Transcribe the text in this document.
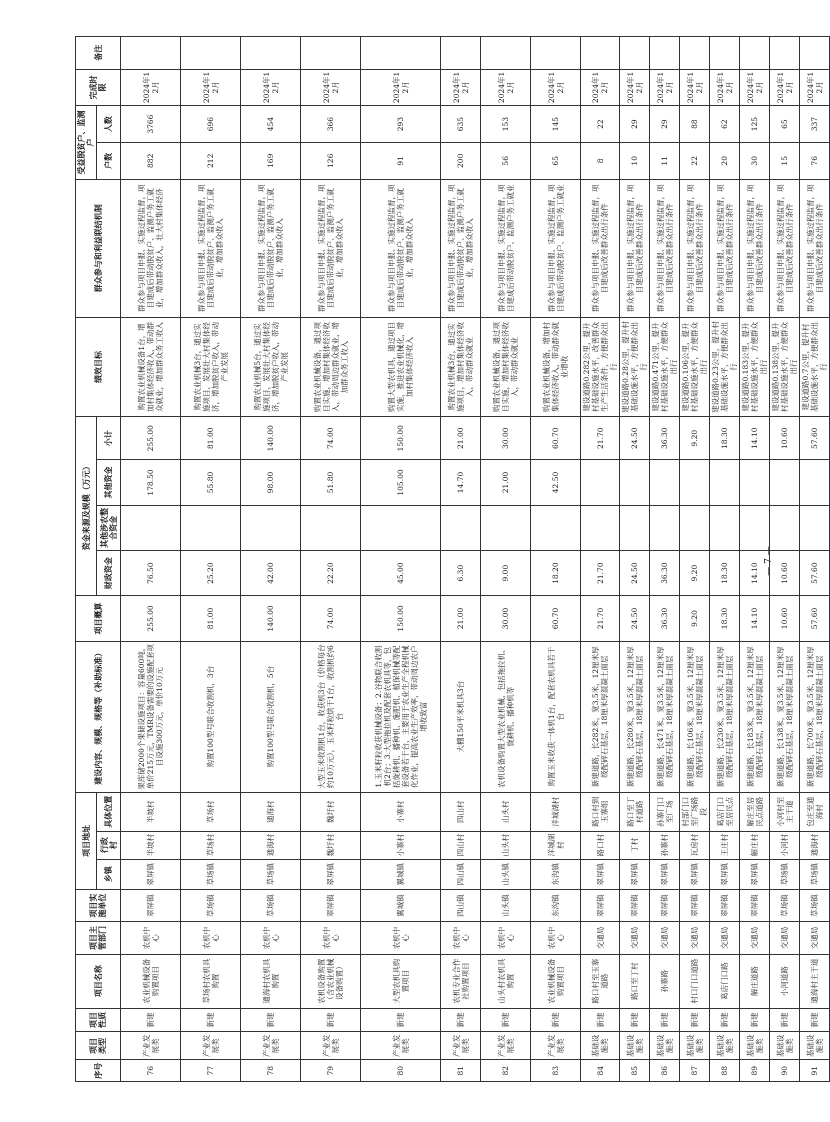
序号	项目类型	项目性质	项目名称	项目主管部门	项目实施单位	项目地址			建设内容、规模、规格等（补助标准）	项目概算	资金来源及规模（万元）				绩效目标	群众参与和利益联结机制	受益脱贫户、监测户		完成时限	备注
						乡镇	行政村	具体位置			财政资金	其他涉农整合资金	其他资金	小计			户数	人数		

76	产业发展类	新建	农业机械设备购置项目	农机中心	翠屏镇	翠屏镇	半坡村	半坡村	果库储2000个果储设施项目：容量600吨，单价215万元，TMR设备需要的设施配套项目设施300万元，单价10万元	255.00	76.50		178.50	255.00	购置农业机械设备1台，增加村集体经济收入，带动群众就业，增加群众务工收入	群众参与项目申报、实施过程监督，项目建成后带动脱贫户、监测户务工就业，增加群众收入，壮大村集体经济	882	3766	2024年12月	
77	产业发展类	新建	草场村农机具购置	农机中心	草场镇	草场镇	草场村	草场村	购置100型号联合收割机，3台	81.00	25.20		55.80	81.00	购置农业机械3台，通过实施项目，发展壮大村集体经济，增加脱贫户收入，带动产业发展	群众参与项目申报、实施过程监督，项目建成后带动脱贫户、监测户务工就业，增加群众收入	212	696	2024年12月	
78	产业发展类	新建	通海村农机具购置	农机中心	草场镇	草场镇	通海村	通海村	购置100型号联合收割机，5台	140.00	42.00		98.00	140.00	购置农业机械5台，通过实施项目，发展壮大村集体经济，增加脱贫户收入，带动产业发展	群众参与项目申报、实施过程监督，项目建成后带动脱贫户、监测户务工就业，增加群众收入	169	454	2024年12月	
79	产业发展类	新建	农机设备购置（含农业机械设备购置）	农机中心	翠屏镇	翠屏镇	魏圩村	魏圩村	大型玉米收割机1台，收获机3台（价格每台约10万元），玉米籽粒烘干1台，收割机约6台	74.00	22.20		51.80	74.00	购置农业机械设备，通过项目实施，增加村集体经济收入，带动周边群众就业，增加群众务工收入	群众参与项目申报、实施过程监督，项目建成后带动脱贫户、监测户务工就业，增加群众收入	126	366	2024年12月	
80	产业发展类	新建	大型农机具购置项目	农机中心	翼城镇	翼城镇	小寨村	小寨村	1.玉米籽粒收获机械设备；2.谷物联合收割机2台；3.大型拖拉机及配套农机具等，包括旋耕机、播种机、施肥机、植保机械等配套设备若干台，主要用于农业生产全程机械化作业，提高农业生产效率，带动周边农户增收致富	150.00	45.00		105.00	150.00	购置大型农机具，通过项目实施，推进农业机械化，增加村集体经济收入	群众参与项目申报、实施过程监督，项目建成后带动脱贫户、监测户务工就业，增加群众收入	91	293	2024年12月	
81	产业发展类	新建	农机专业合作社购置项目	农机中心	四山镇	四山镇	四山村	四山村	大棚150平米机具3台	21.00	6.30		14.70	21.00	购置农业机械3台，通过实施项目，增加村集体经济收入，带动群众就业	群众参与项目申报、实施过程监督，项目建成后带动脱贫户、监测户务工就业，增加群众收入	200	635	2024年12月	
82	产业发展类	新建	山头村农机具购置	农机中心	山头镇	山头镇	山头村	山头村	农机设备购置大型农业机械，包括拖拉机、旋耕机、播种机等	30.00	9.00		21.00	30.00	购置农业机械设备，通过项目实施，增加村集体经济收入，带动群众就业	群众参与项目申报、实施过程监督，项目建成后带动脱贫户、监测户务工就业	56	153	2024年12月	
83	产业发展类	新建	农业机械设备购置项目	农机中心	东沟镇	东沟镇	洋城湖村	洋城湖村	购置玉米收获一体机1台，配套农机具若干台	60.70	18.20		42.50	60.70	购置农业机械设备，增加村集体经济收入，带动群众就业增收	群众参与项目申报、实施过程监督，项目建成后带动脱贫户、监测户务工就业	65	145	2024年12月	
84	基础设施类	新建	路口村至玉寨道路	交通局	翠屏镇	翠屏镇	路口村	路口村到玉寨组	新建道路，长282米，宽3.5米，12厘米厚级配碎石基层，18厘米厚混凝土面层	21.70	21.70			21.70	建设道路0.282公里，提升村基础设施水平，改善群众生产生活条件，方便群众出行	群众参与项目申报、实施过程监督，项目建成后改善群众出行条件	8	22	2024年12月	
85	基础设施类	新建	路口至丁村	交通局	翠屏镇	翠屏镇	丁村	路口至丁村道路	新建道路，长280米，宽3.5米，12厘米厚级配碎石基层，18厘米厚混凝土面层	24.50	24.50			24.50	建设道路0.28公里，提升村基础设施水平，方便群众出行	群众参与项目申报、实施过程监督，项目建成后改善群众出行条件	10	29	2024年12月	
86	基础设施类	新建	孙寨路	交通局	翠屏镇	翠屏镇	孙寨村	孙寨门口至广场	新建道路，长471米，宽3.5米，12厘米厚级配碎石基层，18厘米厚混凝土面层	36.30	36.30			36.30	建设道路0.471公里，提升村基础设施水平，方便群众出行	群众参与项目申报、实施过程监督，项目建成后改善群众出行条件	11	29	2024年12月	
87	基础设施类	新建	村口门口道路	交通局	翠屏镇	翠屏镇	瓦房村	村部门口至广场路段	新建道路，长106米，宽3.5米，12厘米厚级配碎石基层，18厘米厚混凝土面层	9.20	9.20			9.20	建设道路0.106公里，提升村基础设施水平，方便群众出行	群众参与项目申报、实施过程监督，项目建成后改善群众出行条件	22	88	2024年12月	
88	基础设施类	新建	葛店门口路	交通局	翠屏镇	翠屏镇	王庄村	葛店门口至居民点	新建道路，长230米，宽3.5米，12厘米厚级配碎石基层，18厘米厚混凝土面层	18.30	18.30			18.30	建设道路0.23公里，提升村基础设施水平，方便群众出行	群众参与项目申报、实施过程监督，项目建成后改善群众出行条件	20	62	2024年12月	
89	基础设施类	新建	解庄道路	交通局	翠屏镇	翠屏镇	解庄村	解庄至居民点道路	新建道路，长183米，宽3.5米，12厘米厚级配碎石基层，18厘米厚混凝土面层	14.10	14.10			14.10	建设道路0.183公里，提升村基础设施水平，方便群众出行	群众参与项目申报、实施过程监督，项目建成后改善群众出行条件	30	125	2024年12月	
90	基础设施类	新建	小河道路	交通局	草场镇	草场镇	小河村	小河村至主干道	新建道路，长138米，宽3.5米，12厘米厚级配碎石基层，18厘米厚混凝土面层	10.60	10.60			10.60	建设道路0.138公里，提升村基础设施水平，方便群众出行	群众参与项目申报、实施过程监督，项目建成后改善群众出行条件	15	65	2024年12月	
91	基础设施类	新建	通海村主干道	交通局	草场镇	草场镇	通海村	包庄至通海村	新建道路，长700米，宽3.5米，12厘米厚级配碎石基层，18厘米厚混凝土面层	57.60	57.60			57.60	建设道路0.7公里，提升村基础设施水平，方便群众出行	群众参与项目申报、实施过程监督，项目建成后改善群众出行条件	76	337	2024年12月	
— 7 —
